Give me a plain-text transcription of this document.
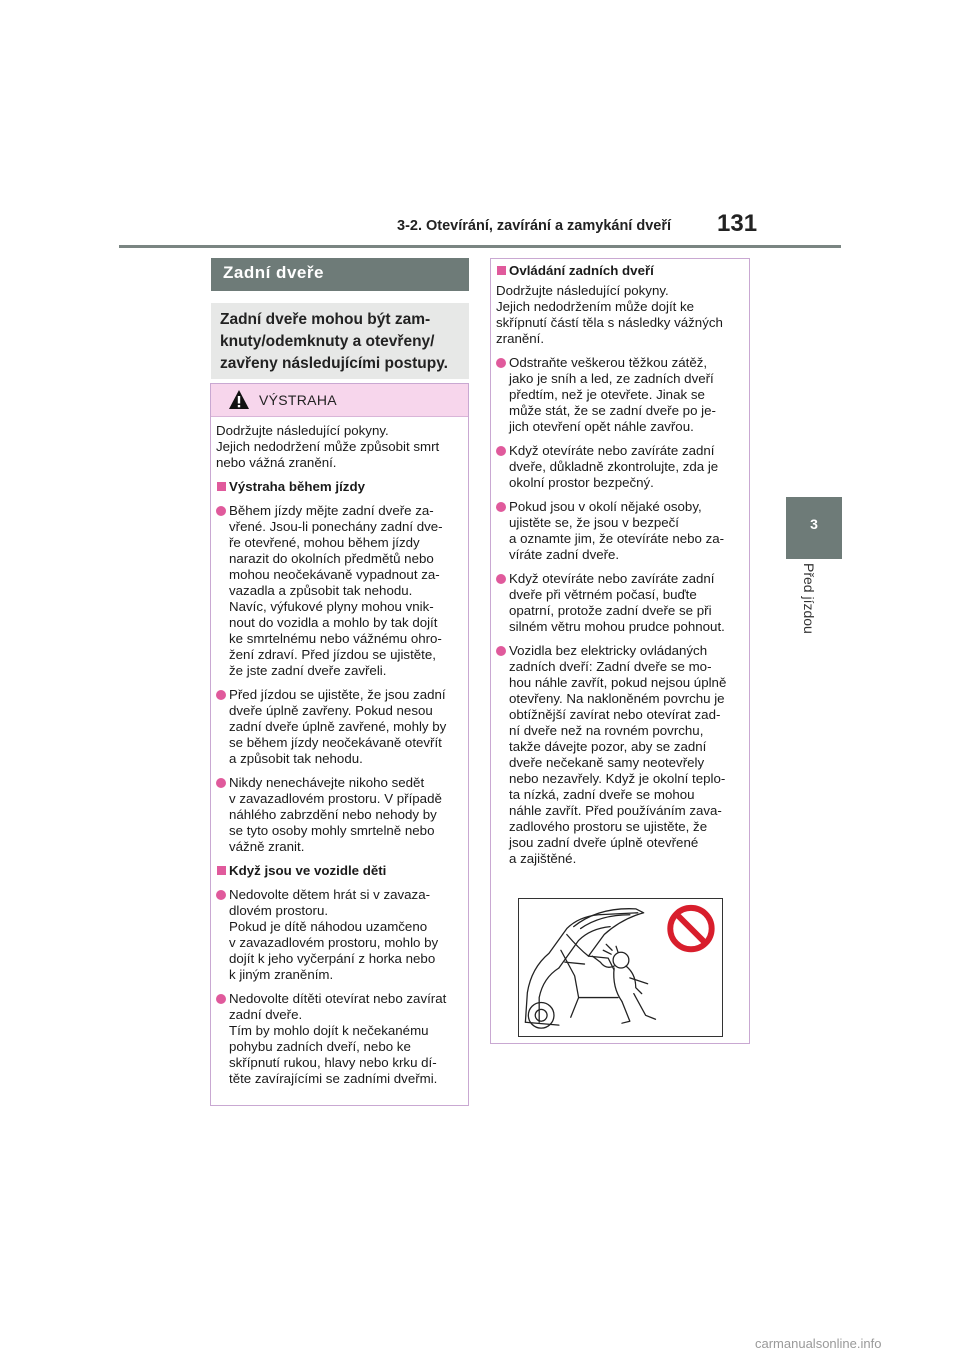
3-2. Otevírání, zavírání a zamykání dveří 131
3
Před jízdou
Zadní dveře

Zadní dveře mohou být zam-

knuty/odemknuty a otevřeny/

zavřeny následujícími postupy.

VÝSTRAHA
Dodržujte následující pokyny.
Jejich nedodržení může způsobit smrt
nebo vážná zranění.
Výstraha během jízdy
Během jízdy mějte zadní dveře za-
vřené. Jsou-li ponechány zadní dve-
ře otevřené, mohou během jízdy
narazit do okolních předmětů nebo
mohou neočekávaně vypadnout za-
vazadla a způsobit tak nehodu.
Navíc, výfukové plyny mohou vnik-
nout do vozidla a mohlo by tak dojít
ke smrtelnému nebo vážnému ohro-
žení zdraví. Před jízdou se ujistěte,
že jste zadní dveře zavřeli.
Před jízdou se ujistěte, že jsou zadní
dveře úplně zavřeny. Pokud nesou
zadní dveře úplně zavřené, mohly by
se během jízdy neočekávaně otevřít
a způsobit tak nehodu.
Nikdy nenechávejte nikoho sedět
v zavazadlovém prostoru. V případě
náhlého zabrzdění nebo nehody by
se tyto osoby mohly smrtelně nebo
vážně zranit.
Když jsou ve vozidle děti
Nedovolte dětem hrát si v zavaza-
dlovém prostoru.
Pokud je dítě náhodou uzamčeno
v zavazadlovém prostoru, mohlo by
dojít k jeho vyčerpání z horka nebo
k jiným zraněním.
Nedovolte dítěti otevírat nebo zavírat
zadní dveře.
Tím by mohlo dojít k nečekanému
pohybu zadních dveří, nebo ke
skřípnutí rukou, hlavy nebo krku dí-
těte zavírajícími se zadními dveřmi.
Ovládání zadních dveří
Dodržujte následující pokyny.
Jejich nedodržením může dojít ke
skřípnutí částí těla s následky vážných
zranění.
Odstraňte veškerou těžkou zátěž,
jako je sníh a led, ze zadních dveří
předtím, než je otevřete. Jinak se
může stát, že se zadní dveře po je-
jich otevření opět náhle zavřou.
Když otevíráte nebo zavíráte zadní
dveře, důkladně zkontrolujte, zda je
okolní prostor bezpečný.
Pokud jsou v okolí nějaké osoby,
ujistěte se, že jsou v bezpečí
a oznamte jim, že otevíráte nebo za-
víráte zadní dveře.
Když otevíráte nebo zavíráte zadní
dveře při větrném počasí, buďte
opatrní, protože zadní dveře se při
silném větru mohou prudce pohnout.
Vozidla bez elektricky ovládaných
zadních dveří: Zadní dveře se mo-
hou náhle zavřít, pokud nejsou úplně
otevřeny. Na nakloněném povrchu je
obtížnější zavírat nebo otevírat zad-
ní dveře než na rovném povrchu,
takže dávejte pozor, aby se zadní
dveře nečekaně samy neotevřely
nebo nezavřely. Když je okolní teplo-
ta nízká, zadní dveře se mohou
náhle zavřít. Před používáním zava-
zadlového prostoru se ujistěte, že
jsou zadní dveře úplně otevřené
a zajištěné.
carmanualsonline.info
